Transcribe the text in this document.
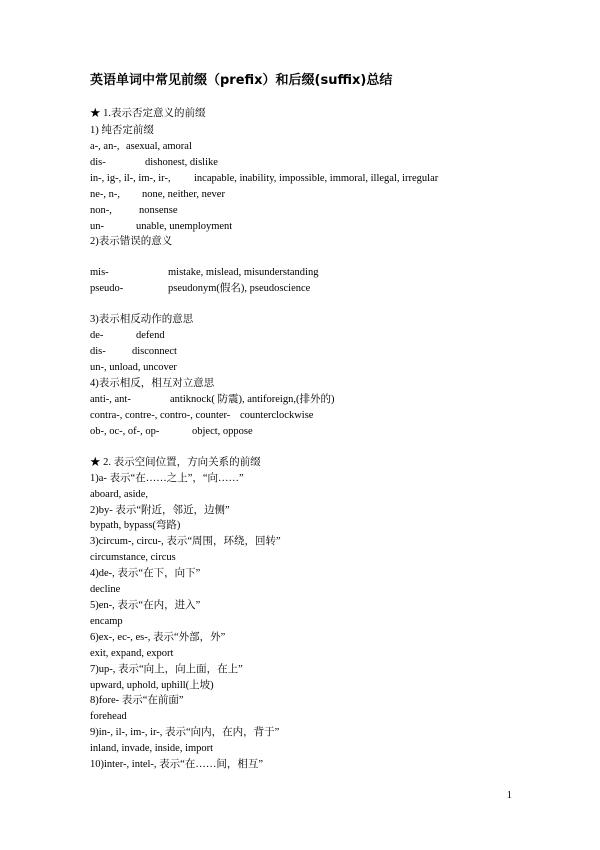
英语单词中常见前缀（prefix）和后缀(suffix)总结
★ 1.表示否定意义的前缀
1) 纯否定前缀
a-, an-, asexual, amoral
dis-	dishonest, dislike
in-, ig-, il-, im-, ir-, incapable, inability, impossible, immoral, illegal, irregular
ne-, n-, none, neither, never
non-,	nonsense
un-	unable, unemployment
2)表示错误的意义
mis-	mistake, mislead, misunderstanding
pseudo-	pseudonym(假名), pseudoscience
3)表示相反动作的意思
de-	defend
dis-	disconnect
un-, unload, uncover
4)表示相反，相互对立意思
anti-, ant-	antiknock( 防震), antiforeign,(排外的)
contra-, contre-, contro-, counter- counterclockwise
ob-, oc-, of-, op-	object, oppose
★ 2. 表示空间位置，方向关系的前缀
1)a- 表示“在……之上”，“向……”
aboard, aside,
2)by- 表示“附近，邻近，边侧”
bypath, bypass(弯路)
3)circum-, circu-, 表示“周围，环绕，回转”
circumstance, circus
4)de-, 表示“在下，向下”
decline
5)en-, 表示“在内，进入”
encamp
6)ex-, ec-, es-, 表示“外部，外”
exit, expand, export
7)up-, 表示“向上，向上面，在上”
upward, uphold, uphill(上坡)
8)fore- 表示“在前面”
forehead
9)in-, il-, im-, ir-, 表示“向内，在内，背于”
inland, invade, inside, import
10)inter-, intel-, 表示“在……间，相互”
1
